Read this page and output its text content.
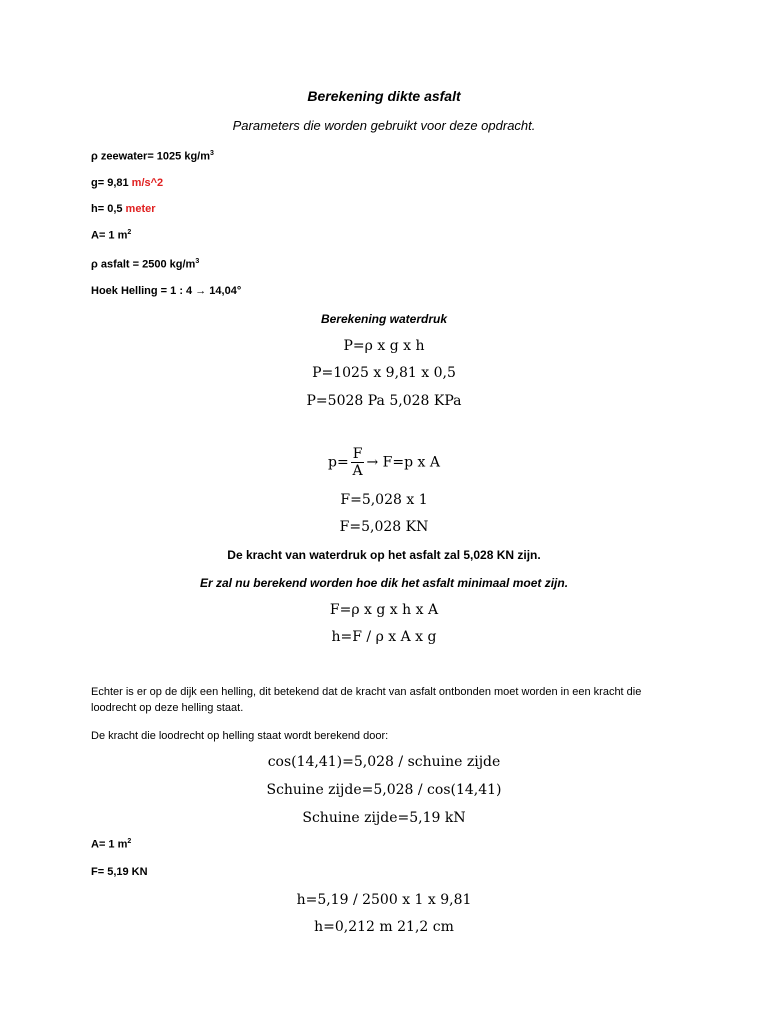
Berekening dikte asfalt
Parameters die worden gebruikt voor deze opdracht.
ρ zeewater= 1025 $kg/m^3$
g= 9,81 m/s^2
h= 0,5 meter
A= 1 $m^2$
ρ asfalt = 2500 $kg/m^3$
Hoek Helling = 1 : 4 → 14,04°
Berekening waterdruk
P=ρ x g x h
P=1025 x 9,81 x 0,5
P=5028 Pa 5,028 KPa
$p= \frac{F}{A} \to F=p$ x A
F=5,028 x 1
F=5,028 KN
De kracht van waterdruk op het asfalt zal 5,028 KN zijn.
Er zal nu berekend worden hoe dik het asfalt minimaal moet zijn.
F=ρ x g x h x A
h=F / ρ x A x g
Echter is er op de dijk een helling, dit betekend dat de kracht van asfalt ontbonden moet worden in een kracht die loodrecht op deze helling staat.
De kracht die loodrecht op helling staat wordt berekend door:
cos(14,41)=5,028 / schuine zijde
Schuine zijde=5,028 / cos(14,41)
Schuine zijde=5,19 kN
A= 1 $m^2$
F= 5,19 KN
h=5,19 / 2500 x 1 x 9,81
h=0,212 m 21,2 cm
